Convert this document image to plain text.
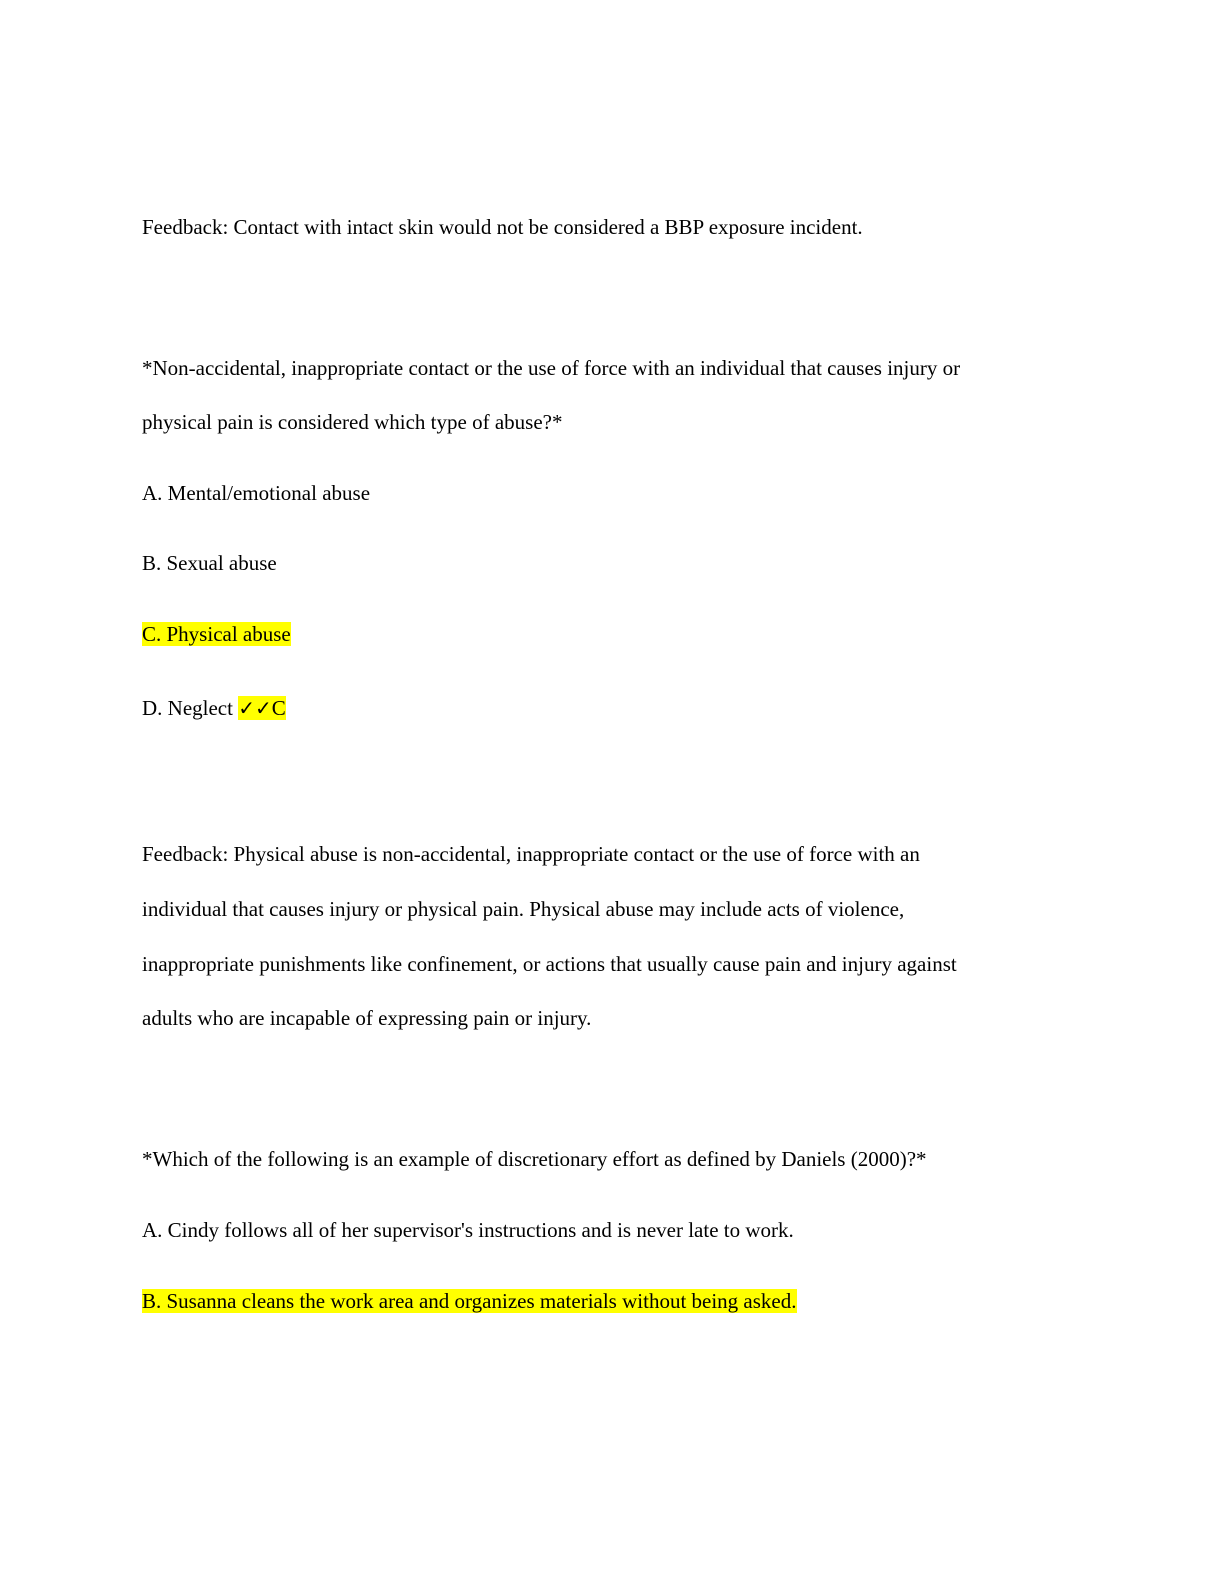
Feedback: Contact with intact skin would not be considered a BBP exposure incident.
*Non-accidental, inappropriate contact or the use of force with an individual that causes injury or
physical pain is considered which type of abuse?*
A. Mental/emotional abuse
B. Sexual abuse
C. Physical abuse
D. Neglect ✓✓C
Feedback: Physical abuse is non-accidental, inappropriate contact or the use of force with an
individual that causes injury or physical pain. Physical abuse may include acts of violence,
inappropriate punishments like confinement, or actions that usually cause pain and injury against
adults who are incapable of expressing pain or injury.
*Which of the following is an example of discretionary effort as defined by Daniels (2000)?*
A. Cindy follows all of her supervisor's instructions and is never late to work.
B. Susanna cleans the work area and organizes materials without being asked.
